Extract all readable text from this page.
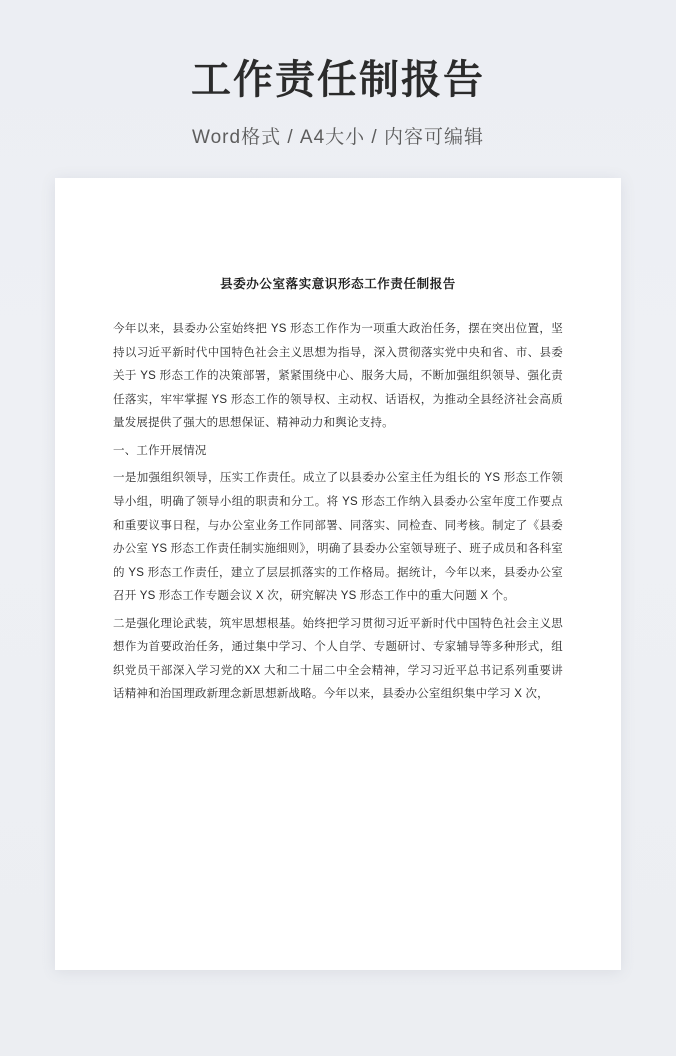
工作责任制报告
Word格式 / A4大小 / 内容可编辑
县委办公室落实意识形态工作责任制报告

今年以来，县委办公室始终把 YS 形态工作作为一项重大政治任务，摆在突出位置，坚持以习近平新时代中国特色社会主义思想为指导，深入贯彻落实党中央和省、市、县委关于 YS 形态工作的决策部署，紧紧围绕中心、服务大局，不断加强组织领导、强化责任落实，牢牢掌握 YS 形态工作的领导权、主动权、话语权，为推动全县经济社会高质量发展提供了强大的思想保证、精神动力和舆论支持。

一、工作开展情况

一是加强组织领导，压实工作责任。成立了以县委办公室主任为组长的 YS 形态工作领导小组，明确了领导小组的职责和分工。将 YS 形态工作纳入县委办公室年度工作要点和重要议事日程，与办公室业务工作同部署、同落实、同检查、同考核。制定了《县委办公室 YS 形态工作责任制实施细则》，明确了县委办公室领导班子、班子成员和各科室的 YS 形态工作责任，建立了层层抓落实的工作格局。据统计，今年以来，县委办公室召开 YS 形态工作专题会议 X 次，研究解决 YS 形态工作中的重大问题 X 个。

二是强化理论武装，筑牢思想根基。始终把学习贯彻习近平新时代中国特色社会主义思想作为首要政治任务，通过集中学习、个人自学、专题研讨、专家辅导等多种形式，组织党员干部深入学习党的XX 大和二十届二中全会精神，学习习近平总书记系列重要讲话精神和治国理政新理念新思想新战略。今年以来，县委办公室组织集中学习 X 次，
